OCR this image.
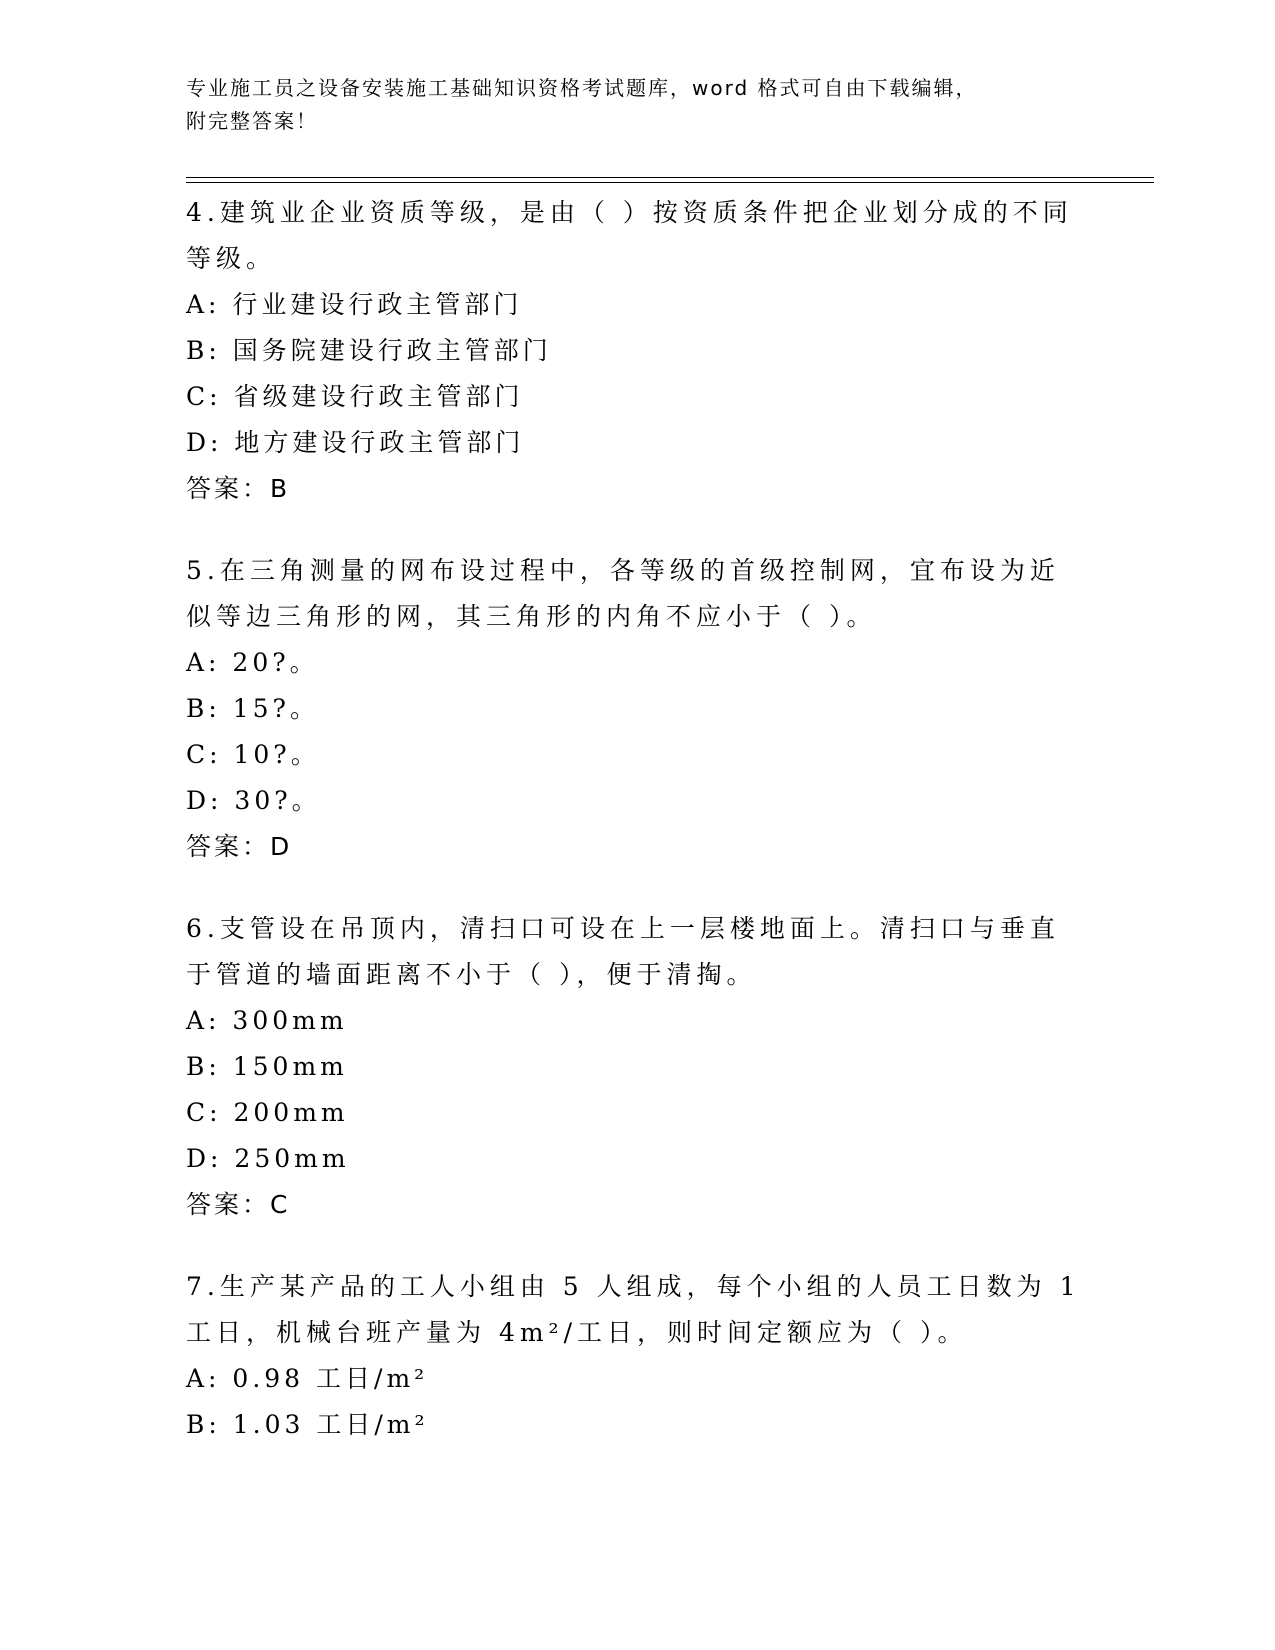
专业施工员之设备安装施工基础知识资格考试题库，word 格式可自由下载编辑，
附完整答案！

4.建筑业企业资质等级，是由（ ）按资质条件把企业划分成的不同等级。

A: 行业建设行政主管部门

B: 国务院建设行政主管部门

C: 省级建设行政主管部门

D: 地方建设行政主管部门

答案：B

5.在三角测量的网布设过程中，各等级的首级控制网，宜布设为近似等边三角形的网，其三角形的内角不应小于（ ）。

A: 20?。

B: 15?。

C: 10?。

D: 30?。

答案：D

6.支管设在吊顶内，清扫口可设在上一层楼地面上。清扫口与垂直于管道的墙面距离不小于（ ），便于清掏。

A: 300mm

B: 150mm

C: 200mm

D: 250mm

答案：C

7.生产某产品的工人小组由 5 人组成，每个小组的人员工日数为 1 工日，机械台班产量为 4m²/工日，则时间定额应为（ ）。

A: 0.98 工日/m²

B: 1.03 工日/m²
